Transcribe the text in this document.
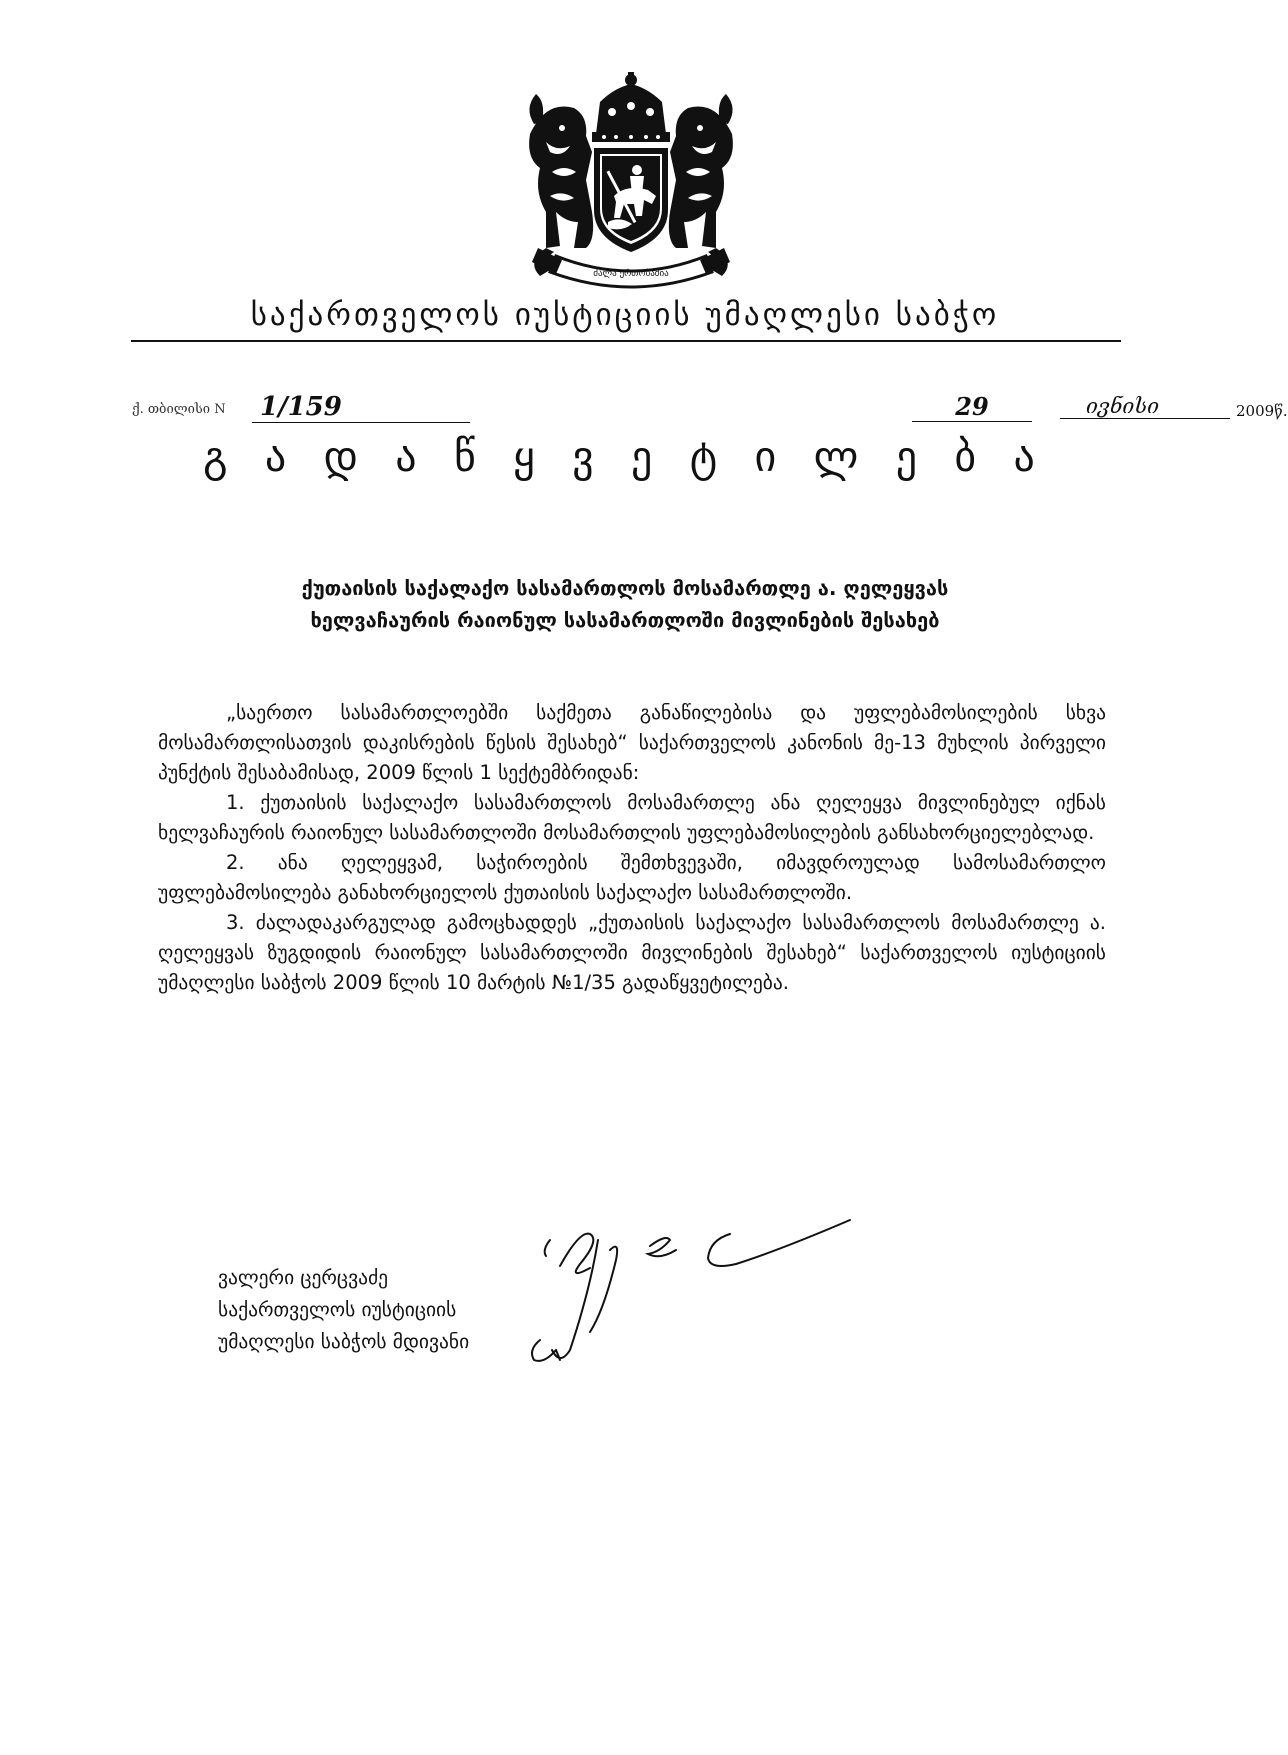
ძალა ერთობაშია
საქართველოს იუსტიციის უმაღლესი საბჭო
ქ. თბილისი N	1/159	29	ივნისი	2009წ.
გ ა დ ა წ ყ ვ ე ტ ი ლ ე ბ ა
ქუთაისის საქალაქო სასამართლოს მოსამართლე ა. ღელეყვას
ხელვაჩაურის რაიონულ სასამართლოში მივლინების შესახებ

„საერთო სასამართლოებში საქმეთა განაწილებისა და უფლებამოსილების სხვა მოსამართლისათვის დაკისრების წესის შესახებ“ საქართველოს კანონის მე-13 მუხლის პირველი პუნქტის შესაბამისად, 2009 წლის 1 სექტემბრიდან:

1. ქუთაისის საქალაქო სასამართლოს მოსამართლე ანა ღელეყვა მივლინებულ იქნას ხელვაჩაურის რაიონულ სასამართლოში მოსამართლის უფლებამოსილების განსახორციელებლად.

2. ანა ღელეყვამ, საჭიროების შემთხვევაში, იმავდროულად სამოსამართლო უფლებამოსილება განახორციელოს ქუთაისის საქალაქო სასამართლოში.

3. ძალადაკარგულად გამოცხადდეს „ქუთაისის საქალაქო სასამართლოს მოსამართლე ა. ღელეყვას ზუგდიდის რაიონულ სასამართლოში მივლინების შესახებ“ საქართველოს იუსტიციის უმაღლესი საბჭოს 2009 წლის 10 მარტის №1/35 გადაწყვეტილება.

ვალერი ცერცვაძე
საქართველოს იუსტიციის
უმაღლესი საბჭოს მდივანი
